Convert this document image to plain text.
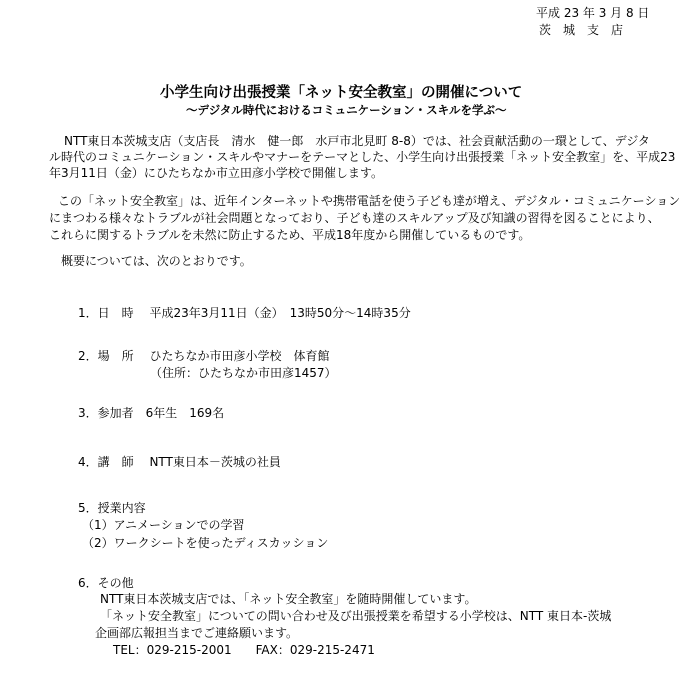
平成 23 年 3 月 8 日
茨　城　支　店
小学生向け出張授業「ネット安全教室」の開催について
～デジタル時代におけるコミュニケーション・スキルを学ぶ～
NTT東日本茨城支店（支店長　清水　健一郎　水戸市北見町 8-8）では、社会貢献活動の一環として、デジタ
ル時代のコミュニケーション・スキルやマナーをテーマとした、小学生向け出張授業「ネット安全教室」を、平成23
年3月11日（金）にひたちなか市立田彦小学校で開催します。
この「ネット安全教室」は、近年インターネットや携帯電話を使う子ども達が増え、デジタル・コミュニケーション
にまつわる様々なトラブルが社会問題となっており、子ども達のスキルアップ及び知識の習得を図ることにより、
これらに関するトラブルを未然に防止するため、平成18年度から開催しているものです。
概要については、次のとおりです。
1．日　時　 平成23年3月11日（金）　13時50分～14時35分
2．場　所　 ひたちなか市田彦小学校　体育館
（住所：ひたちなか市田彦1457）
3．参加者　6年生　169名
4．講　師　 NTT東日本－茨城の社員
5．授業内容
（1）アニメーションでの学習
（2）ワークシートを使ったディスカッション
6．その他
NTT東日本茨城支店では、「ネット安全教室」を随時開催しています。
「ネット安全教室」についての問い合わせ及び出張授業を希望する小学校は、NTT 東日本-茨城
企画部広報担当までご連絡願います。
TEL：029-215-2001　　FAX：029-215-2471
